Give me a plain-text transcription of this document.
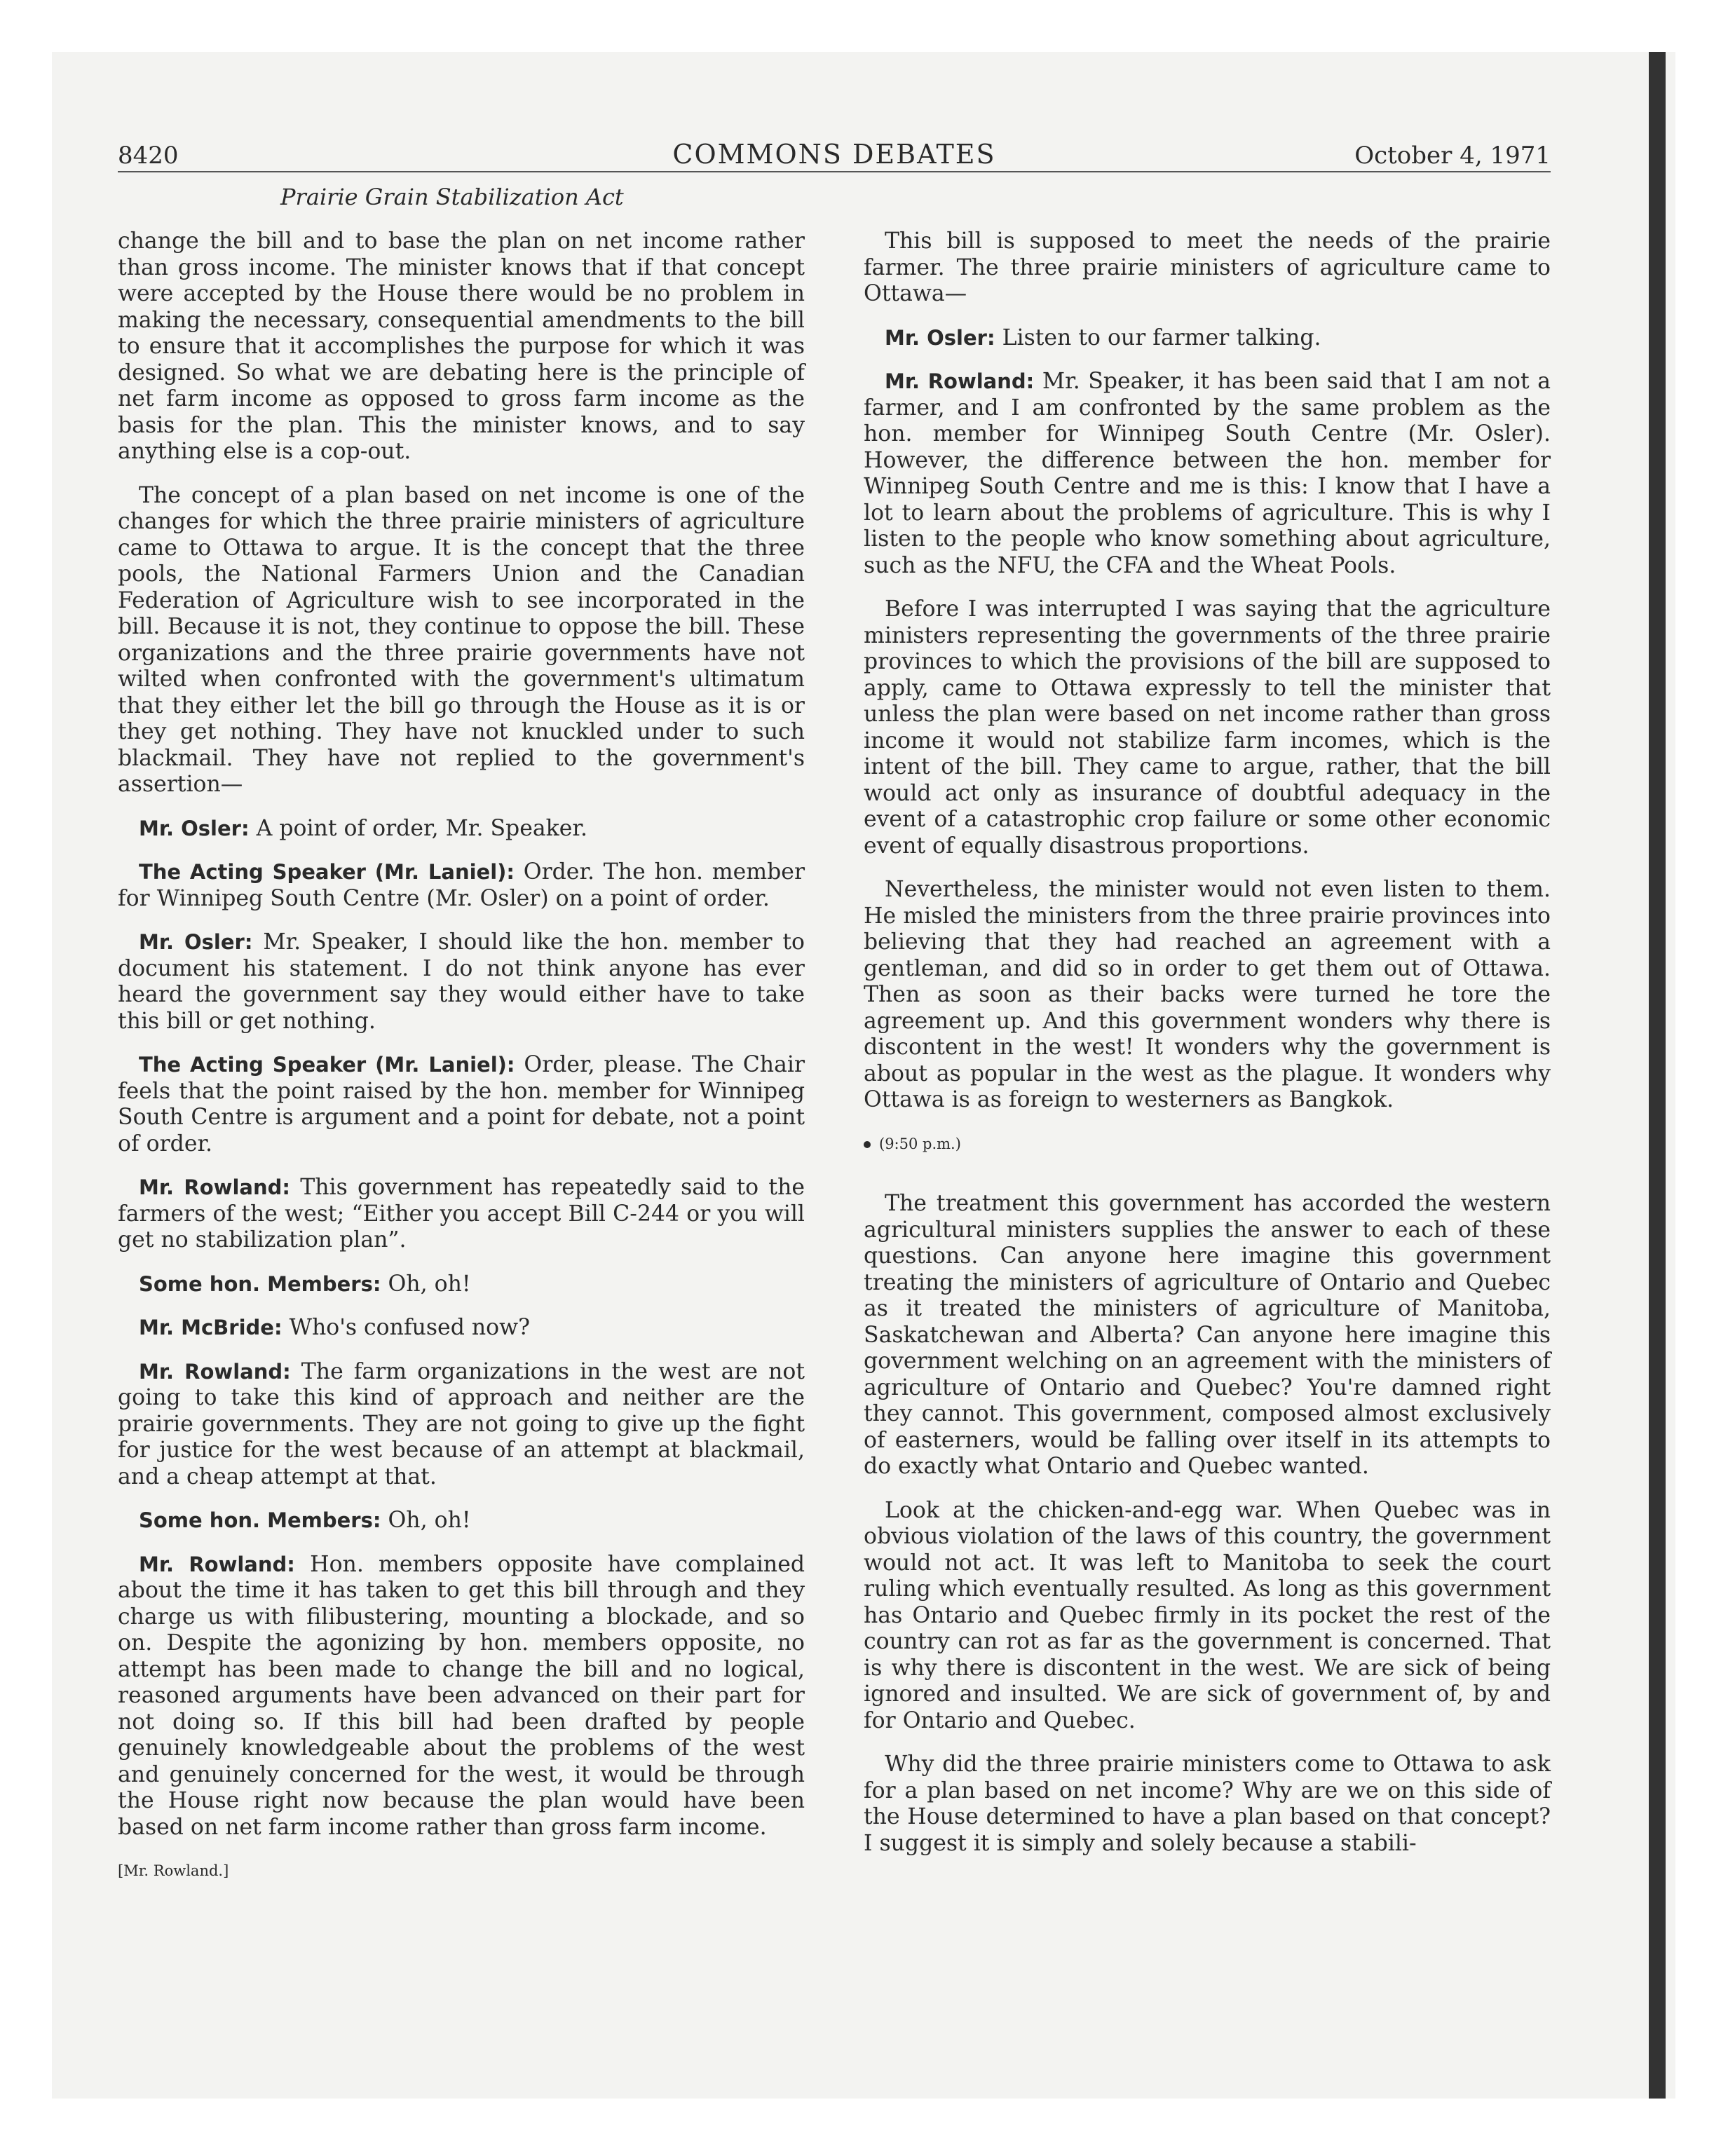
8420	COMMONS DEBATES	October 4, 1971
Prairie Grain Stabilization Act

change the bill and to base the plan on net income rather than gross income. The minister knows that if that concept were accepted by the House there would be no problem in making the necessary, consequential amendments to the bill to ensure that it accomplishes the purpose for which it was designed. So what we are debating here is the principle of net farm income as opposed to gross farm income as the basis for the plan. This the minister knows, and to say anything else is a cop-out.

The concept of a plan based on net income is one of the changes for which the three prairie ministers of agriculture came to Ottawa to argue. It is the concept that the three pools, the National Farmers Union and the Canadian Federation of Agriculture wish to see incorporated in the bill. Because it is not, they continue to oppose the bill. These organizations and the three prairie governments have not wilted when confronted with the government's ultimatum that they either let the bill go through the House as it is or they get nothing. They have not knuckled under to such blackmail. They have not replied to the government's assertion—

Mr. Osler: A point of order, Mr. Speaker.

The Acting Speaker (Mr. Laniel): Order. The hon. member for Winnipeg South Centre (Mr. Osler) on a point of order.

Mr. Osler: Mr. Speaker, I should like the hon. member to document his statement. I do not think anyone has ever heard the government say they would either have to take this bill or get nothing.

The Acting Speaker (Mr. Laniel): Order, please. The Chair feels that the point raised by the hon. member for Winnipeg South Centre is argument and a point for debate, not a point of order.

Mr. Rowland: This government has repeatedly said to the farmers of the west; “Either you accept Bill C-244 or you will get no stabilization plan”.

Some hon. Members: Oh, oh!

Mr. McBride: Who's confused now?

Mr. Rowland: The farm organizations in the west are not going to take this kind of approach and neither are the prairie governments. They are not going to give up the fight for justice for the west because of an attempt at blackmail, and a cheap attempt at that.

Some hon. Members: Oh, oh!

Mr. Rowland: Hon. members opposite have complained about the time it has taken to get this bill through and they charge us with filibustering, mounting a blockade, and so on. Despite the agonizing by hon. members opposite, no attempt has been made to change the bill and no logical, reasoned arguments have been advanced on their part for not doing so. If this bill had been drafted by people genuinely knowledgeable about the problems of the west and genuinely concerned for the west, it would be through the House right now because the plan would have been based on net farm income rather than gross farm income.

[Mr. Rowland.]

This bill is supposed to meet the needs of the prairie farmer. The three prairie ministers of agriculture came to Ottawa—

Mr. Osler: Listen to our farmer talking.

Mr. Rowland: Mr. Speaker, it has been said that I am not a farmer, and I am confronted by the same problem as the hon. member for Winnipeg South Centre (Mr. Osler). However, the difference between the hon. member for Winnipeg South Centre and me is this: I know that I have a lot to learn about the problems of agriculture. This is why I listen to the people who know something about agriculture, such as the NFU, the CFA and the Wheat Pools.

Before I was interrupted I was saying that the agriculture ministers representing the governments of the three prairie provinces to which the provisions of the bill are supposed to apply, came to Ottawa expressly to tell the minister that unless the plan were based on net income rather than gross income it would not stabilize farm incomes, which is the intent of the bill. They came to argue, rather, that the bill would act only as insurance of doubtful adequacy in the event of a catastrophic crop failure or some other economic event of equally disastrous proportions.

Nevertheless, the minister would not even listen to them. He misled the ministers from the three prairie provinces into believing that they had reached an agreement with a gentleman, and did so in order to get them out of Ottawa. Then as soon as their backs were turned he tore the agreement up. And this government wonders why there is discontent in the west! It wonders why the government is about as popular in the west as the plague. It wonders why Ottawa is as foreign to westerners as Bangkok.

(9:50 p.m.)

The treatment this government has accorded the western agricultural ministers supplies the answer to each of these questions. Can anyone here imagine this government treating the ministers of agriculture of Ontario and Quebec as it treated the ministers of agriculture of Manitoba, Saskatchewan and Alberta? Can anyone here imagine this government welching on an agreement with the ministers of agriculture of Ontario and Quebec? You're damned right they cannot. This government, composed almost exclusively of easterners, would be falling over itself in its attempts to do exactly what Ontario and Quebec wanted.

Look at the chicken-and-egg war. When Quebec was in obvious violation of the laws of this country, the government would not act. It was left to Manitoba to seek the court ruling which eventually resulted. As long as this government has Ontario and Quebec firmly in its pocket the rest of the country can rot as far as the government is concerned. That is why there is discontent in the west. We are sick of being ignored and insulted. We are sick of government of, by and for Ontario and Quebec.

Why did the three prairie ministers come to Ottawa to ask for a plan based on net income? Why are we on this side of the House determined to have a plan based on that concept? I suggest it is simply and solely because a stabili-
